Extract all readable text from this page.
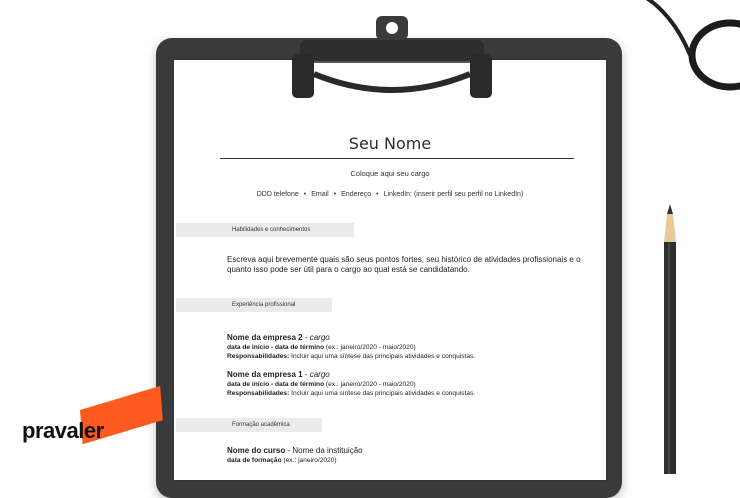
Seu Nome
Coloque aqui seu cargo
DDD telefone • Email • Endereço • LinkedIn: (inserir perfil seu perfil no LinkedIn)
Habilidades e conhecimentos
Escreva aqui brevemente quais são seus pontos fortes, seu histórico de atividades profissionais e o quanto isso pode ser útil para o cargo ao qual está se candidatando.
Experiência profissional
Nome da empresa 2 - cargo
data de início - data de término (ex.: janeiro/2020 - maio/2020)
Responsabilidades: Incluir aqui uma síntese das principais atividades e conquistas.
Nome da empresa 1 - cargo
data de início - data de término (ex.: janeiro/2020 - maio/2020)
Responsabilidades: Incluir aqui uma síntese das principais atividades e conquistas.
Formação acadêmica
Nome do curso - Nome da instituição
data de formação (ex.: janeiro/2020)
pravaler
